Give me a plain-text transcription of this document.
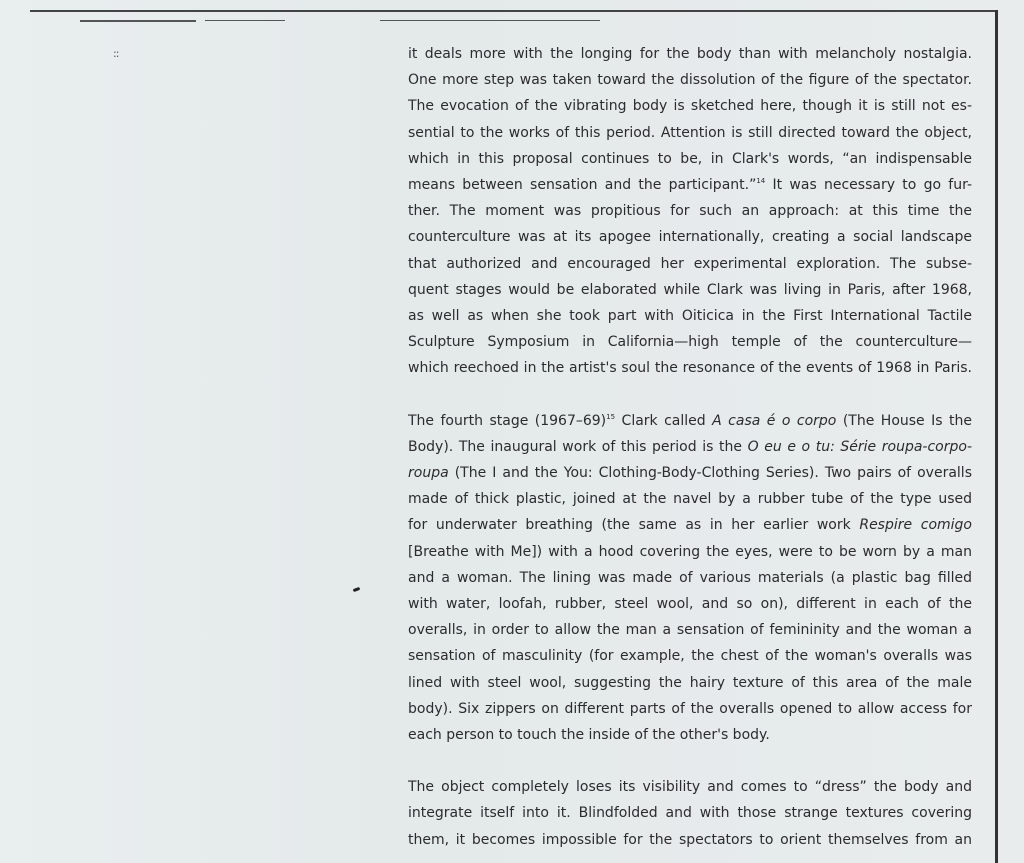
::	it deals more with the longing for the body than with melancholy nostalgia.
One more step was taken toward the dissolution of the figure of the spectator.
The evocation of the vibrating body is sketched here, though it is still not es-
sential to the works of this period. Attention is still directed toward the object,
which in this proposal continues to be, in Clark's words, “an indispensable
means between sensation and the participant.”$^{14}$ It was necessary to go fur-
ther. The moment was propitious for such an approach: at this time the
counterculture was at its apogee internationally, creating a social landscape
that authorized and encouraged her experimental exploration. The subse-
quent stages would be elaborated while Clark was living in Paris, after 1968,
as well as when she took part with Oiticica in the First International Tactile
Sculpture Symposium in California—high temple of the counterculture—
which reechoed in the artist's soul the resonance of the events of 1968 in Paris.

The fourth stage (1967–69)$^{15}$ Clark called A casa é o corpo (The House Is the
Body). The inaugural work of this period is the O eu e o tu: Série roupa-corpo-
roupa (The I and the You: Clothing-Body-Clothing Series). Two pairs of overalls
made of thick plastic, joined at the navel by a rubber tube of the type used
for underwater breathing (the same as in her earlier work Respire comigo
[Breathe with Me]) with a hood covering the eyes, were to be worn by a man
and a woman. The lining was made of various materials (a plastic bag filled
with water, loofah, rubber, steel wool, and so on), different in each of the
overalls, in order to allow the man a sensation of femininity and the woman a
sensation of masculinity (for example, the chest of the woman's overalls was
lined with steel wool, suggesting the hairy texture of this area of the male
body). Six zippers on different parts of the overalls opened to allow access for
each person to touch the inside of the other's body.

The object completely loses its visibility and comes to “dress” the body and
integrate itself into it. Blindfolded and with those strange textures covering
them, it becomes impossible for the spectators to orient themselves from an
